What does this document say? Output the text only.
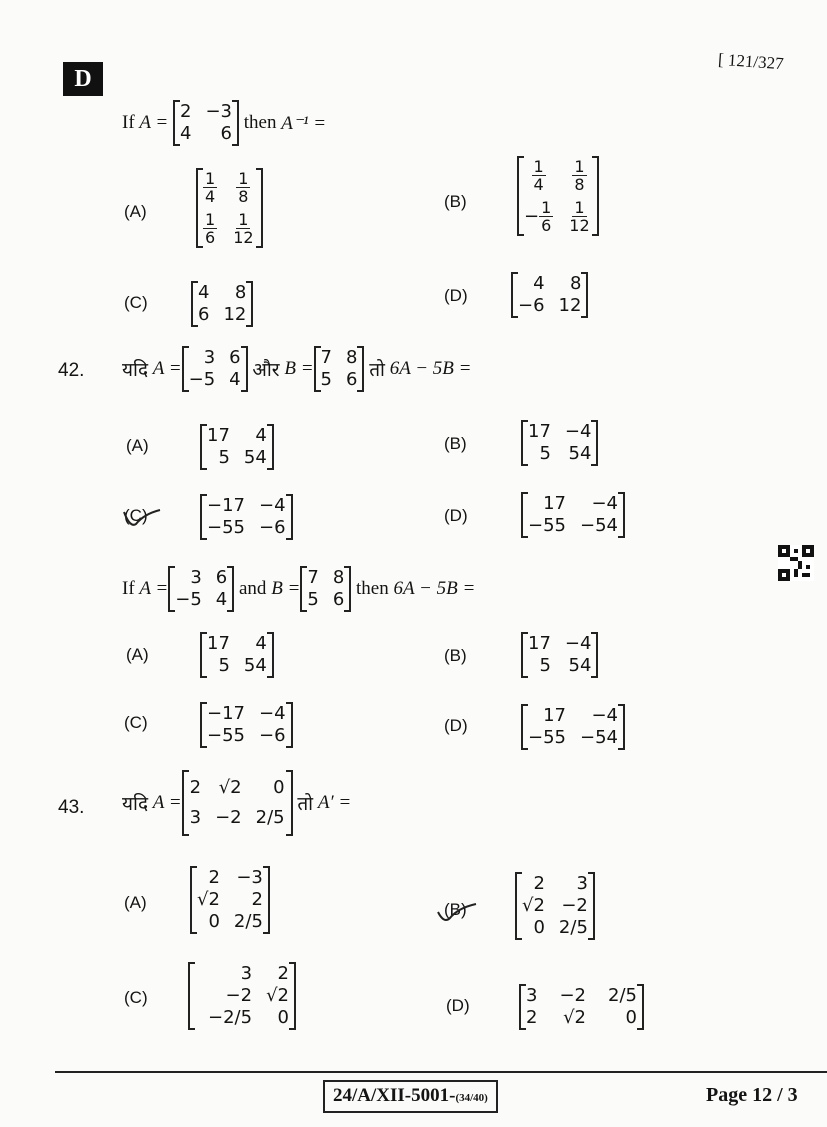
D
[ 121/327
If
A =

2 −3
4	6

then
A⁻¹ =
(A)
$\frac{1}{4} \frac{1}{8}$
$\frac{1}{6} \frac{1}{12}$
(B)
$\frac{1}{4} \frac{1}{8}$
− $\frac{1}{6} \frac{1}{12}$
(C)	4	8
6 12
(D)
4	8
−6 12
42. यदि
A =
3 6
−5 4
और
B =
7 8
5 6
तो
6A − 5B =
(A)	17	4
5 54
(B)
17 −4
5 54
(C)	−17 −4
−55 −6
(D)
17	−4
−55 −54
If
A =
3 6
−5 4

and
B =
7 8
5 6

then
6A − 5B =
(A)
17	4
5 54	(B)
17 −4
5 54
(C)	−17 −4
−55 −6	(D)	17	−4
−55 −54
43. यदि
A =
2 √2	0
3 −2 2/5

तो
A′ =
(A)
2 −3
√2	2
0 2/5
(B)
2	3
√2 −2
0 2/5
(C)
3	2
−2 √2
−2/5	0
(D)	3 −2 2/5
2 √2	0
24/A/XII-5001-(34/40)	Page 12 / 3
